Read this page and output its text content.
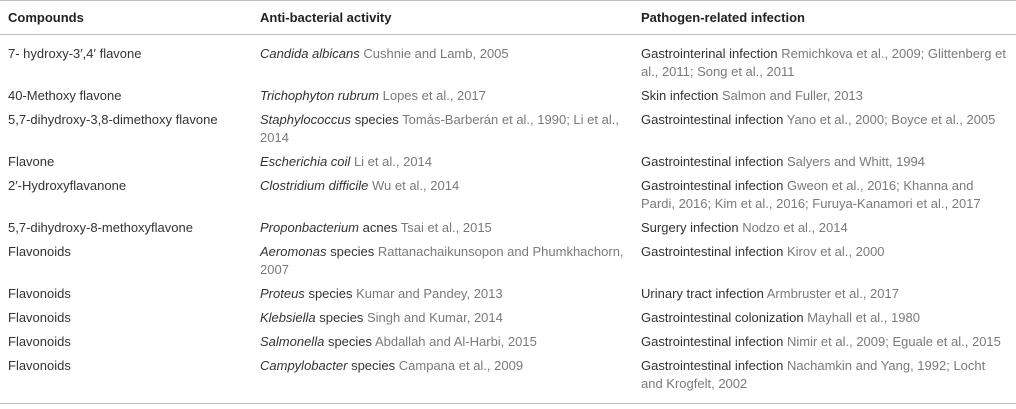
Compounds	Anti-bacterial activity	Pathogen-related infection
7- hydroxy-3′,4′ flavone	Candida albicans Cushnie and Lamb, 2005	Gastrointerinal infection Remichkova et al., 2009; Glittenberg et al., 2011; Song et al., 2011
40-Methoxy flavone	Trichophyton rubrum Lopes et al., 2017	Skin infection Salmon and Fuller, 2013
5,7-dihydroxy-3,8-dimethoxy flavone	Staphylococcus species Tomás-Barberán et al., 1990; Li et al., 2014	Gastrointestinal infection Yano et al., 2000; Boyce et al., 2005
Flavone	Escherichia coil Li et al., 2014	Gastrointestinal infection Salyers and Whitt, 1994
2′-Hydroxyflavanone	Clostridium difficile Wu et al., 2014	Gastrointestinal infection Gweon et al., 2016; Khanna and Pardi, 2016; Kim et al., 2016; Furuya-Kanamori et al., 2017
5,7-dihydroxy-8-methoxyflavone	Proponbacterium acnes Tsai et al., 2015	Surgery infection Nodzo et al., 2014
Flavonoids	Aeromonas species Rattanachaikunsopon and Phumkhachorn, 2007	Gastrointestinal infection Kirov et al., 2000
Flavonoids	Proteus species Kumar and Pandey, 2013	Urinary tract infection Armbruster et al., 2017
Flavonoids	Klebsiella species Singh and Kumar, 2014	Gastrointestinal colonization Mayhall et al., 1980
Flavonoids	Salmonella species Abdallah and Al-Harbi, 2015	Gastrointestinal infection Nimir et al., 2009; Eguale et al., 2015
Flavonoids	Campylobacter species Campana et al., 2009	Gastrointestinal infection Nachamkin and Yang, 1992; Locht and Krogfelt, 2002
